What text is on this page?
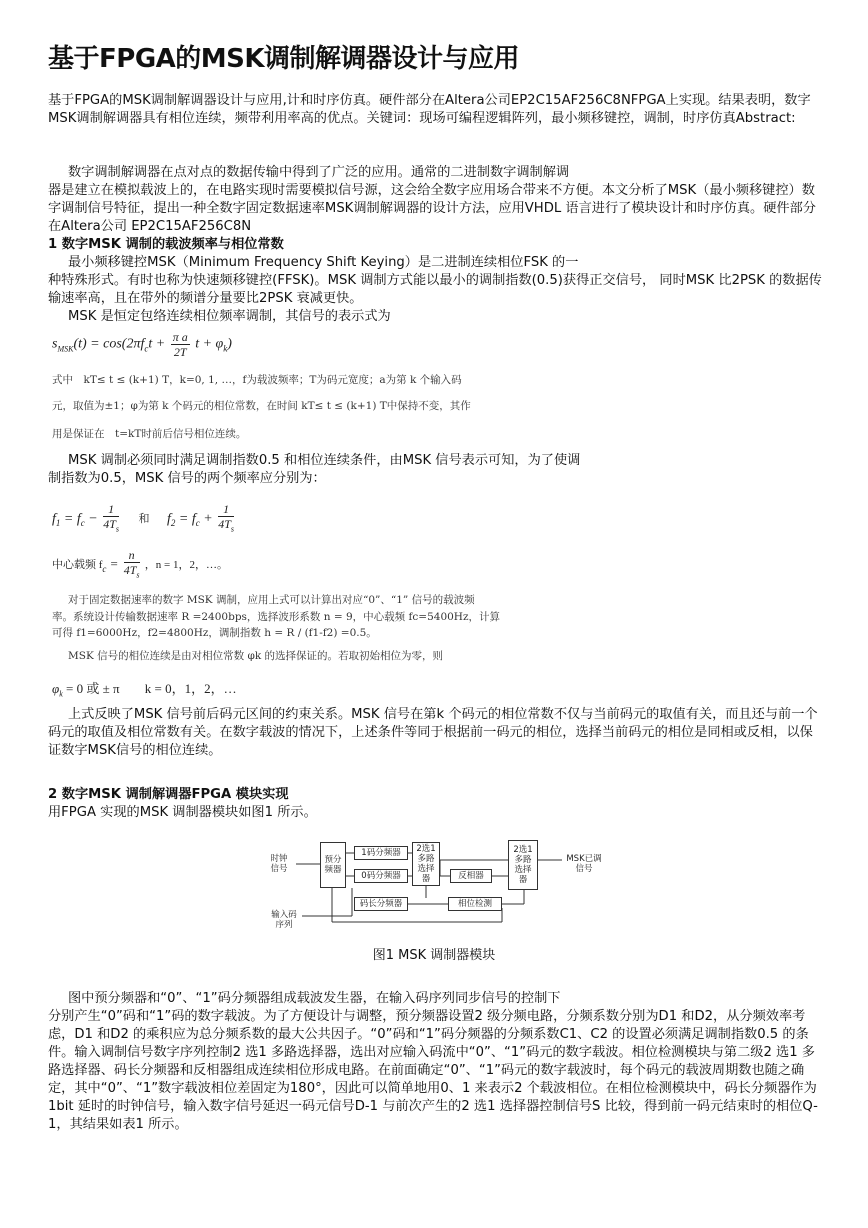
基于FPGA的MSK调制解调器设计与应用

基于FPGA的MSK调制解调器设计与应用,计和时序仿真。硬件部分在Altera公司EP2C15AF256C8NFPGA上实现。结果表明，数字MSK调制解调器具有相位连续，频带利用率高的优点。关键词：现场可编程逻辑阵列，最小频移键控，调制，时序仿真Abstract:

数字调制解调器在点对点的数据传输中得到了广泛的应用。通常的二进制数字调制解调

器是建立在模拟载波上的，在电路实现时需要模拟信号源，这会给全数字应用场合带来不方便。本文分析了MSK（最小频移键控）数字调制信号特征，提出一种全数字固定数据速率MSK调制解调器的设计方法，应用VHDL 语言进行了模块设计和时序仿真。硬件部分在Altera公司 EP2C15AF256C8N

1 数字MSK 调制的载波频率与相位常数

最小频移键控MSK（Minimum Frequency Shift Keying）是二进制连续相位FSK 的一

种特殊形式。有时也称为快速频移键控(FFSK)。MSK 调制方式能以最小的调制指数(0.5)获得正交信号， 同时MSK 比2PSK 的数据传输速率高，且在带外的频谱分量要比2PSK 衰减更快。

MSK 是恒定包络连续相位频率调制，其信号的表示式为

$s_{MSK}(t) = \cos(2\pi f_ct + \frac{\text{π a}}{2T}$ $t + \varphi_k$)
式中　kT≤ t ≤ (k+1) T，k=0, 1, …，f为载波频率；T为码元宽度；a为第 k 个输入码
元，取值为±1；φ为第 k 个码元的相位常数，在时间 kT≤ t ≤ (k+1) T中保持不变，其作
用是保证在　t=kT时前后信号相位连续。

MSK 调制必须同时满足调制指数0.5 和相位连续条件，由MSK 信号表示可知，为了使调

制指数为0.5，MSK 信号的两个频率应分别为：

$f_1 = f_c - \frac{1}{4T_s}$ 和 $f_2 = f_c + \frac{1}{4T_s}$
中心载频 $f_c = \frac{n}{4T_s}$ ，n = 1，2，…。
对于固定数据速率的数字 MSK 调制，应用上式可以计算出对应“0”、“1” 信号的载波频
率。系统设计传输数据速率 R =2400bps，选择波形系数 n = 9，中心载频 fc=5400Hz，计算
可得 f1=6000Hz，f2=4800Hz，调制指数 h = R / (f1-f2) =0.5。
MSK 信号的相位连续是由对相位常数 φk 的选择保证的。若取初始相位为零，则
$\varphi_k = 0$ 或 ± π k = 0，1，2，…

上式反映了MSK 信号前后码元区间的约束关系。MSK 信号在第k 个码元的相位常数不仅与当前码元的取值有关，而且还与前一个码元的取值及相位常数有关。在数字载波的情况下，上述条件等同于根据前一码元的相位，选择当前码元的相位是同相或反相，以保证数字MSK信号的相位连续。

2 数字MSK 调制解调器FPGA 模块实现

用FPGA 实现的MSK 调制器模块如图1 所示。

时钟
信号
预分
频器
1码分频器
0码分频器
2选1
多路
选择
器	反相器
2选1
多路
选择
器
MSK已调
信号
输入码
序列
码长分频器	相位检测
图1 MSK 调制器模块

图中预分频器和“0”、“1”码分频器组成载波发生器，在输入码序列同步信号的控制下

分别产生“0”码和“1”码的数字载波。为了方便设计与调整，预分频器设置2 级分频电路，分频系数分别为D1 和D2，从分频效率考虑，D1 和D2 的乘积应为总分频系数的最大公共因子。“0”码和“1”码分频器的分频系数C1、C2 的设置必须满足调制指数0.5 的条件。输入调制信号数字序列控制2 选1 多路选择器，选出对应输入码流中“0”、“1”码元的数字载波。相位检测模块与第二级2 选1 多路选择器、码长分频器和反相器组成连续相位形成电路。在前面确定“0”、“1”码元的数字载波时，每个码元的载波周期数也随之确定，其中“0”、“1”数字载波相位差固定为180°，因此可以简单地用0、1 来表示2 个载波相位。在相位检测模块中，码长分频器作为1bit 延时的时钟信号，输入数字信号延迟一码元信号D-1 与前次产生的2 选1 选择器控制信号S 比较，得到前一码元结束时的相位Q-1，其结果如表1 所示。
